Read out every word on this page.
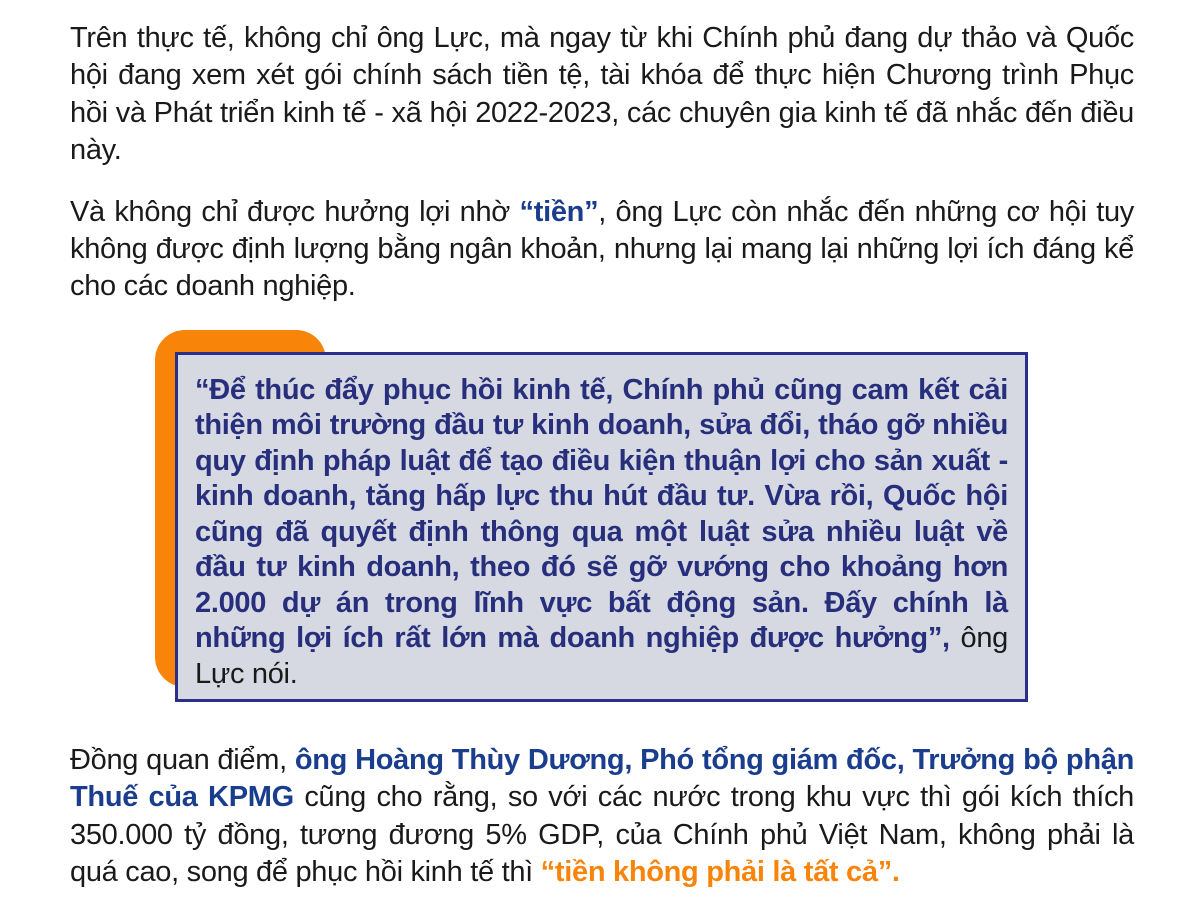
Trên thực tế, không chỉ ông Lực, mà ngay từ khi Chính phủ đang dự thảo và Quốc hội đang xem xét gói chính sách tiền tệ, tài khóa để thực hiện Chương trình Phục hồi và Phát triển kinh tế - xã hội 2022-2023, các chuyên gia kinh tế đã nhắc đến điều này.

Và không chỉ được hưởng lợi nhờ “tiền”, ông Lực còn nhắc đến những cơ hội tuy không được định lượng bằng ngân khoản, nhưng lại mang lại những lợi ích đáng kể cho các doanh nghiệp.

“Để thúc đẩy phục hồi kinh tế, Chính phủ cũng cam kết cải thiện môi trường đầu tư kinh doanh, sửa đổi, tháo gỡ nhiều quy định pháp luật để tạo điều kiện thuận lợi cho sản xuất - kinh doanh, tăng hấp lực thu hút đầu tư. Vừa rồi, Quốc hội cũng đã quyết định thông qua một luật sửa nhiều luật về đầu tư kinh doanh, theo đó sẽ gỡ vướng cho khoảng hơn 2.000 dự án trong lĩnh vực bất động sản. Đấy chính là những lợi ích rất lớn mà doanh nghiệp được hưởng”, ông Lực nói.

Đồng quan điểm, ông Hoàng Thùy Dương, Phó tổng giám đốc, Trưởng bộ phận Thuế của KPMG cũng cho rằng, so với các nước trong khu vực thì gói kích thích 350.000 tỷ đồng, tương đương 5% GDP, của Chính phủ Việt Nam, không phải là quá cao, song để phục hồi kinh tế thì “tiền không phải là tất cả”.
